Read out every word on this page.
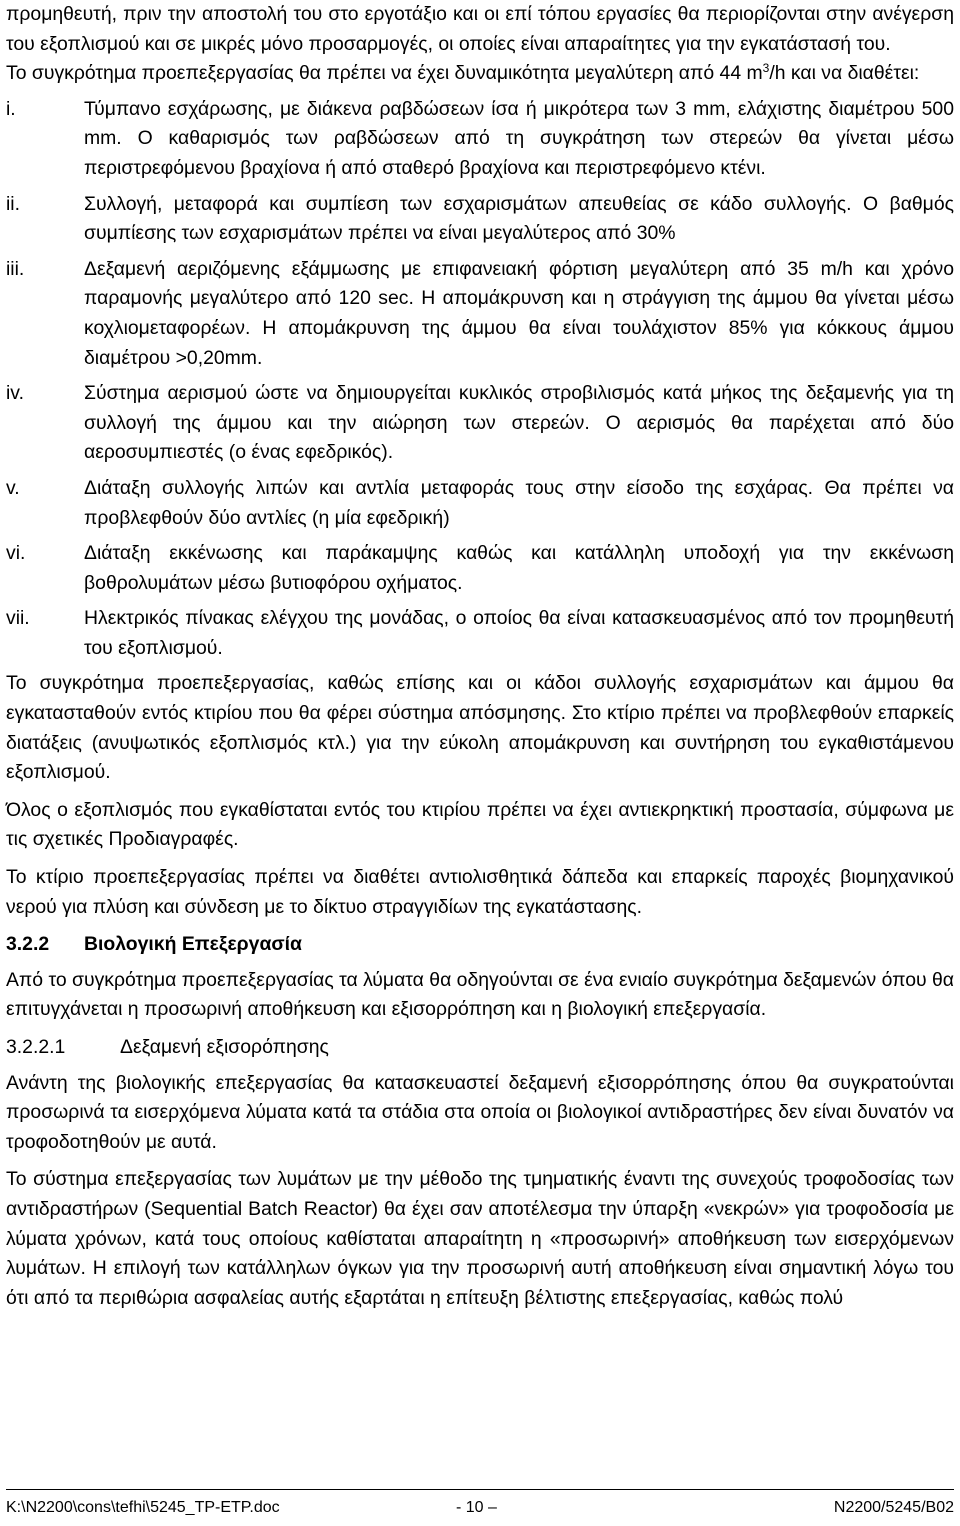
προμηθευτή, πριν την αποστολή του στο εργοτάξιο και οι επί τόπου εργασίες θα περιορίζονται στην ανέγερση του εξοπλισμού και σε μικρές μόνο προσαρμογές, οι οποίες είναι απαραίτητες για την εγκατάστασή του.

Το συγκρότημα προεπεξεργασίας θα πρέπει να έχει δυναμικότητα μεγαλύτερη από 44 $m^3/h$ και να διαθέτει:

i.	Τύμπανο εσχάρωσης, με διάκενα ραβδώσεων ίσα ή μικρότερα των 3 mm, ελάχιστης διαμέτρου 500 mm. Ο καθαρισμός των ραβδώσεων από τη συγκράτηση των στερεών θα γίνεται μέσω περιστρεφόμενου βραχίονα ή από σταθερό βραχίονα και περιστρεφόμενο κτένι.
ii.	Συλλογή, μεταφορά και συμπίεση των εσχαρισμάτων απευθείας σε κάδο συλλογής. Ο βαθμός συμπίεσης των εσχαρισμάτων πρέπει να είναι μεγαλύτερος από 30%
iii.	Δεξαμενή αεριζόμενης εξάμμωσης με επιφανειακή φόρτιση μεγαλύτερη από 35 m/h και χρόνο παραμονής μεγαλύτερο από 120 sec. Η απομάκρυνση και η στράγγιση της άμμου θα γίνεται μέσω κοχλιομεταφορέων. Η απομάκρυνση της άμμου θα είναι τουλάχιστον 85% για κόκκους άμμου διαμέτρου >0,20mm.
iv.	Σύστημα αερισμού ώστε να δημιουργείται κυκλικός στροβιλισμός κατά μήκος της δεξαμενής για τη συλλογή της άμμου και την αιώρηση των στερεών. Ο αερισμός θα παρέχεται από δύο αεροσυμπιεστές (ο ένας εφεδρικός).
v.	Διάταξη συλλογής λιπών και αντλία μεταφοράς τους στην είσοδο της εσχάρας. Θα πρέπει να προβλεφθούν δύο αντλίες (η μία εφεδρική)
vi.	Διάταξη εκκένωσης και παράκαμψης καθώς και κατάλληλη υποδοχή για την εκκένωση βοθρολυμάτων μέσω βυτιοφόρου οχήματος.
vii.	Ηλεκτρικός πίνακας ελέγχου της μονάδας, ο οποίος θα είναι κατασκευασμένος από τον προμηθευτή του εξοπλισμού.

Το συγκρότημα προεπεξεργασίας, καθώς επίσης και οι κάδοι συλλογής εσχαρισμάτων και άμμου θα εγκατασταθούν εντός κτιρίου που θα φέρει σύστημα απόσμησης. Στο κτίριο πρέπει να προβλεφθούν επαρκείς διατάξεις (ανυψωτικός εξοπλισμός κτλ.) για την εύκολη απομάκρυνση και συντήρηση του εγκαθιστάμενου εξοπλισμού.

Όλος ο εξοπλισμός που εγκαθίσταται εντός του κτιρίου πρέπει να έχει αντιεκρηκτική προστασία, σύμφωνα με τις σχετικές Προδιαγραφές.

Το κτίριο προεπεξεργασίας πρέπει να διαθέτει αντιολισθητικά δάπεδα και επαρκείς παροχές βιομηχανικού νερού για πλύση και σύνδεση με το δίκτυο στραγγιδίων της εγκατάστασης.

3.2.2	Βιολογική Επεξεργασία

Από το συγκρότημα προεπεξεργασίας τα λύματα θα οδηγούνται σε ένα ενιαίο συγκρότημα δεξαμενών όπου θα επιτυγχάνεται η προσωρινή αποθήκευση και εξισορρόπηση και η βιολογική επεξεργασία.

3.2.2.1	Δεξαμενή εξισορόπησης

Ανάντη της βιολογικής επεξεργασίας θα κατασκευαστεί δεξαμενή εξισορρόπησης όπου θα συγκρατούνται προσωρινά τα εισερχόμενα λύματα κατά τα στάδια στα οποία οι βιολογικοί αντιδραστήρες δεν είναι δυνατόν να τροφοδοτηθούν με αυτά.

Το σύστημα επεξεργασίας των λυμάτων με την μέθοδο της τμηματικής έναντι της συνεχούς τροφοδοσίας των αντιδραστήρων (Sequential Batch Reactor) θα έχει σαν αποτέλεσμα την ύπαρξη «νεκρών» για τροφοδοσία με λύματα χρόνων, κατά τους οποίους καθίσταται απαραίτητη η «προσωρινή» αποθήκευση των εισερχόμενων λυμάτων. Η επιλογή των κατάλληλων όγκων για την προσωρινή αυτή αποθήκευση είναι σημαντική λόγω του ότι από τα περιθώρια ασφαλείας αυτής εξαρτάται η επίτευξη βέλτιστης επεξεργασίας, καθώς πολύ

K:\N2200\cons\tefhi\5245_TP-ETP.doc	- 10 –	N2200/5245/B02
